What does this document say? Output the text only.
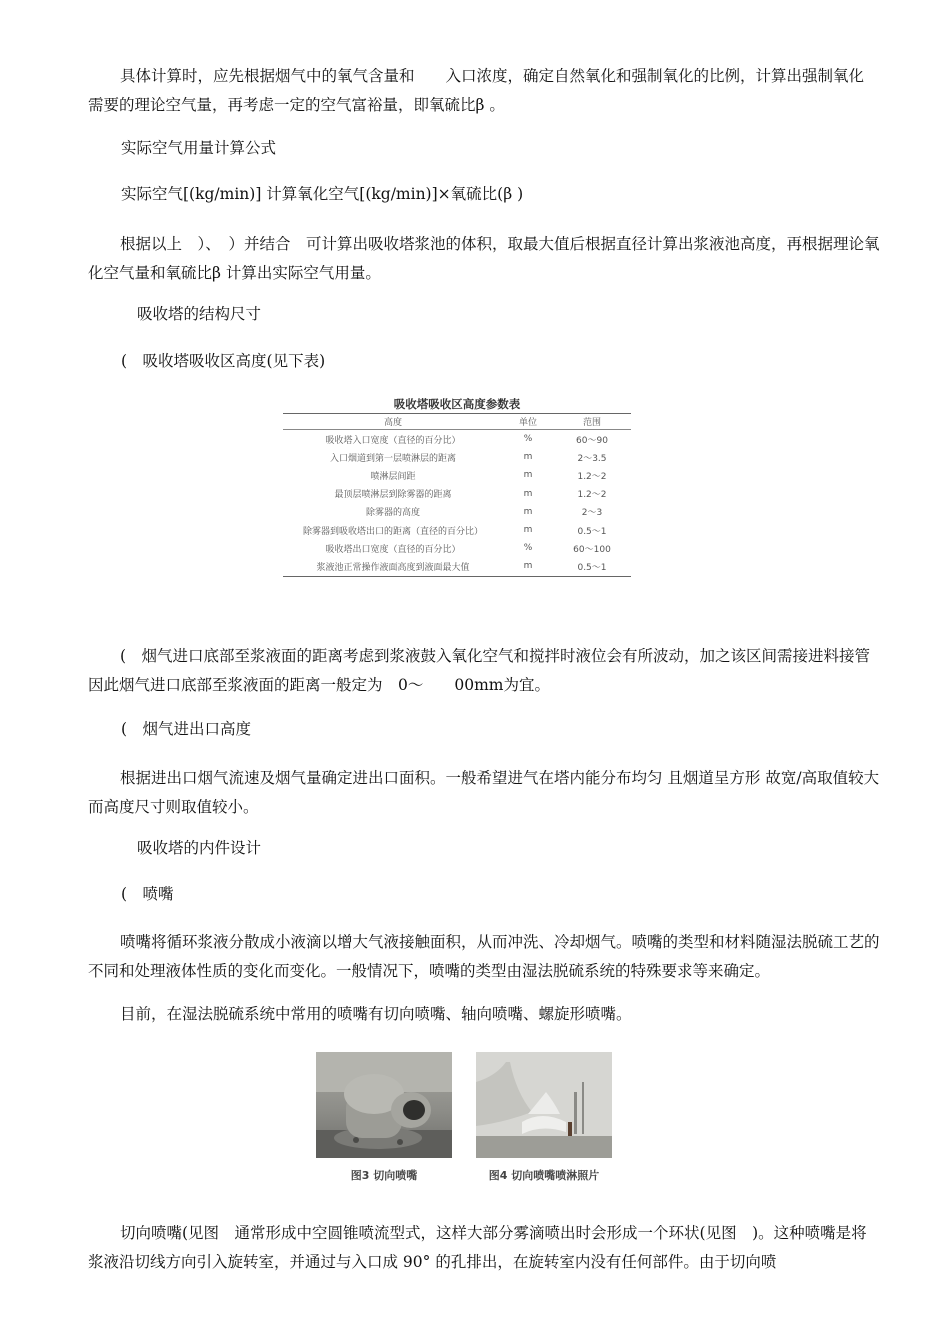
具体计算时，应先根据烟气中的氧气含量和　　入口浓度，确定自然氧化和强制氧化的比例，计算出强制氧化　　需要的理论空气量，再考虑一定的空气富裕量，即氧硫比β 。

实际空气用量计算公式

实际空气[(kg/min)] 计算氧化空气[(kg/min)]×氧硫比(β )

根据以上　）、　）并结合　可计算出吸收塔浆池的体积，取最大值后根据直径计算出浆液池高度，再根据理论氧化空气量和氧硫比β 计算出实际空气用量。

吸收塔的结构尺寸

(　吸收塔吸收区高度(见下表)

吸收塔吸收区高度参数表

高度	单位	范围
吸收塔入口宽度（直径的百分比）	%	60～90
入口烟道到第一层喷淋层的距离	m	2～3.5
喷淋层间距	m	1.2～2
最顶层喷淋层到除雾器的距离	m	1.2～2
除雾器的高度	m	2～3
除雾器到吸收塔出口的距离（直径的百分比）	m	0.5～1
吸收塔出口宽度（直径的百分比）	%	60～100
浆液池正常操作液面高度到液面最大值	m	0.5～1

(　烟气进口底部至浆液面的距离考虑到浆液鼓入氧化空气和搅拌时液位会有所波动，加之该区间需接进料接管 因此烟气进口底部至浆液面的距离一般定为　0～　　00mm为宜。

(　烟气进出口高度

根据进出口烟气流速及烟气量确定进出口面积。一般希望进气在塔内能分布均匀 且烟道呈方形 故宽/高取值较大 而高度尺寸则取值较小。

吸收塔的内件设计

(　喷嘴

喷嘴将循环浆液分散成小液滴以增大气液接触面积，从而冲洗、冷却烟气。喷嘴的类型和材料随湿法脱硫工艺的不同和处理液体性质的变化而变化。一般情况下，喷嘴的类型由湿法脱硫系统的特殊要求等来确定。

目前，在湿法脱硫系统中常用的喷嘴有切向喷嘴、轴向喷嘴、螺旋形喷嘴。

图3 切向喷嘴	图4 切向喷嘴喷淋照片

切向喷嘴(见图　通常形成中空圆锥喷流型式，这样大部分雾滴喷出时会形成一个环状(见图　)。这种喷嘴是将浆液沿切线方向引入旋转室，并通过与入口成 90° 的孔排出，在旋转室内没有任何部件。由于切向喷
